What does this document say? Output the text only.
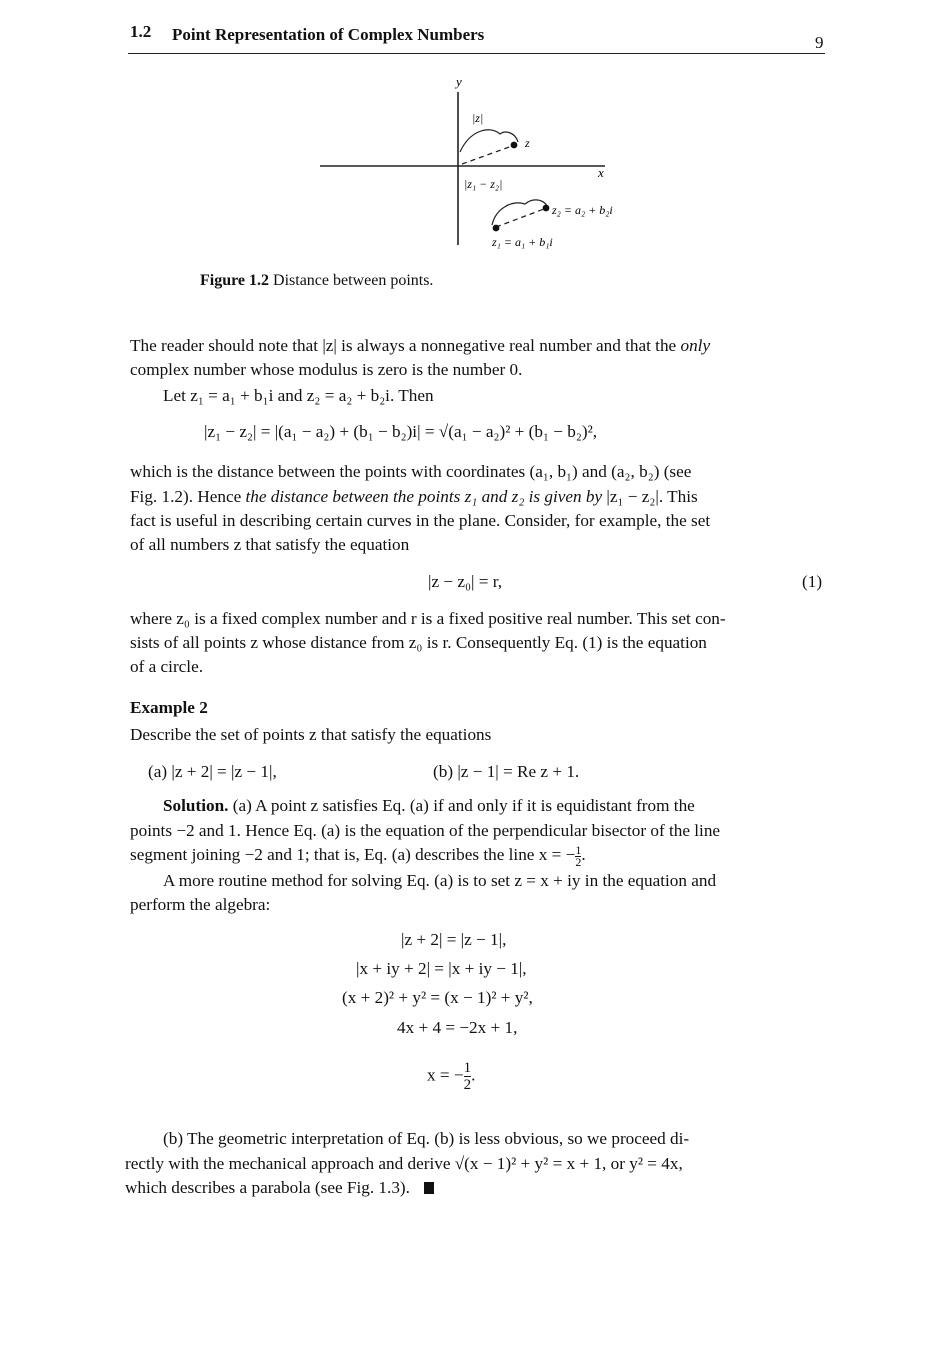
1.2 Point Representation of Complex Numbers	9
y
x
|z|
z
|z₁ − z₂|
z₂ = a₂ + b₂i
z₁ = a₁ + b₁i
Figure 1.2 Distance between points.
The reader should note that |z| is always a nonnegative real number and that the only
complex number whose modulus is zero is the number 0.
Let z₁ = a₁ + b₁i and z₂ = a₂ + b₂i. Then
|z₁ − z₂| = |(a₁ − a₂) + (b₁ − b₂)i| = √(a₁ − a₂)² + (b₁ − b₂)²,
which is the distance between the points with coordinates (a₁, b₁) and (a₂, b₂) (see
Fig. 1.2). Hence the distance between the points z₁ and z₂ is given by |z₁ − z₂|. This
fact is useful in describing certain curves in the plane. Consider, for example, the set
of all numbers z that satisfy the equation
|z − z₀| = r,	(1)
where z₀ is a fixed complex number and r is a fixed positive real number. This set con-
sists of all points z whose distance from z₀ is r. Consequently Eq. (1) is the equation
of a circle.
Example 2
Describe the set of points z that satisfy the equations
(a) |z + 2| = |z − 1|,	(b) |z − 1| = Re z + 1.
Solution. (a) A point z satisfies Eq. (a) if and only if it is equidistant from the
points −2 and 1. Hence Eq. (a) is the equation of the perpendicular bisector of the line
segment joining −2 and 1; that is, Eq. (a) describes the line $x = -\frac{1}{2}$ .
A more routine method for solving Eq. (a) is to set z = x + iy in the equation and
perform the algebra:
|z + 2| = |z − 1|,
|x + iy + 2| = |x + iy − 1|,
(x + 2)² + y² = (x − 1)² + y²,
4x + 4 = −2x + 1,
$x = -\frac{1}{2}$ .
(b) The geometric interpretation of Eq. (b) is less obvious, so we proceed di-
rectly with the mechanical approach and derive √(x − 1)² + y² = x + 1, or y² = 4x,
which describes a parabola (see Fig. 1.3).
